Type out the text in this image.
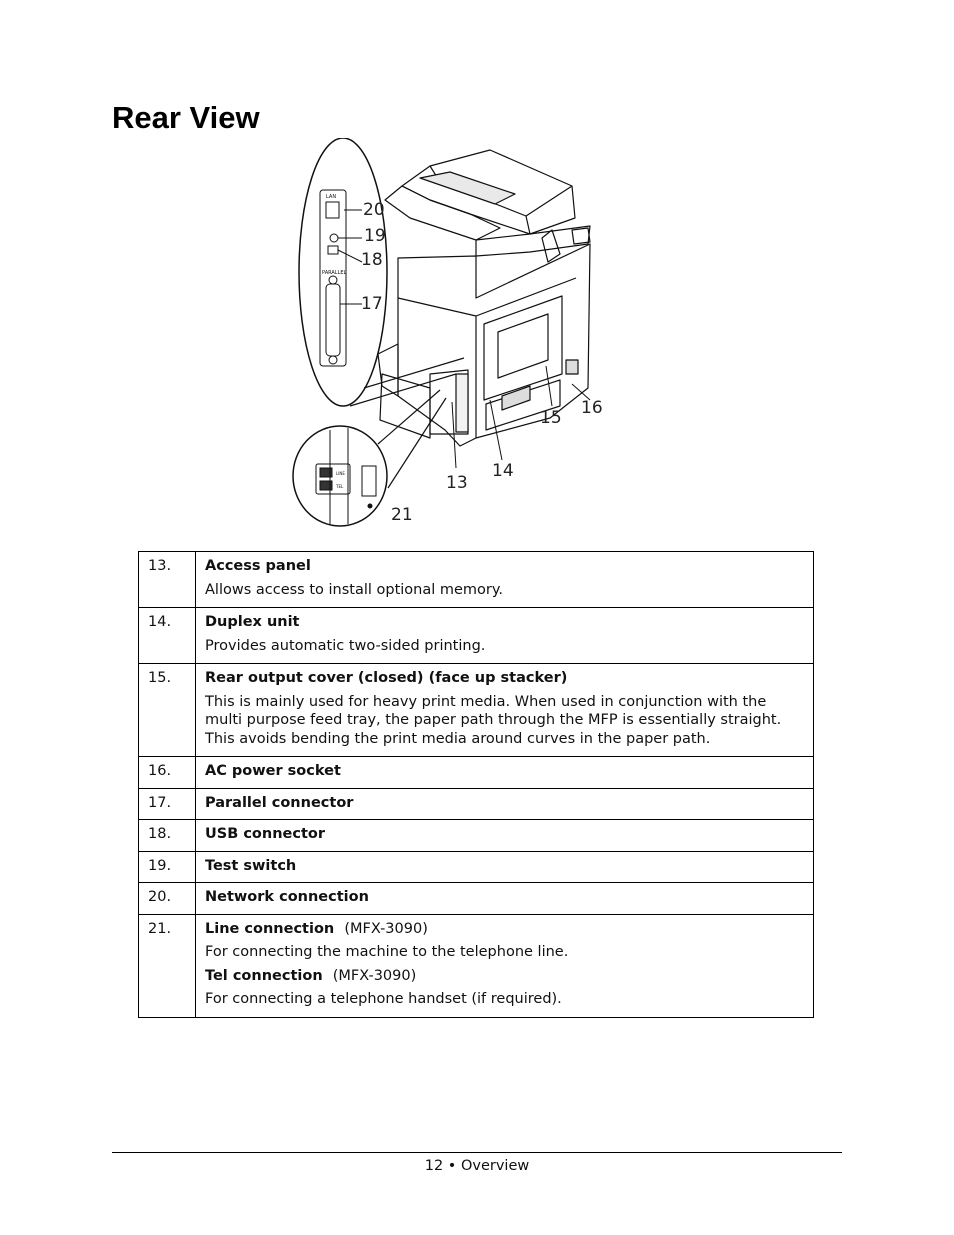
Rear View
LAN
PARALLEL
LINE
TEL
20
19
18
17
16
15
14
13
21
13.	Access panel
Allows access to install optional memory.

14.	Duplex unit
Provides automatic two-sided printing.

15.	Rear output cover (closed) (face up stacker)
This is mainly used for heavy print media. When used in conjunction with the multi purpose feed tray, the paper path through the MFP is essentially straight. This avoids bending the print media around curves in the paper path.

16.	AC power socket

17.	Parallel connector

18.	USB connector

19.	Test switch

20.	Network connection

21.	Line connection (MFX-3090)
For connecting the machine to the telephone line.
Tel connection (MFX-3090)
For connecting a telephone handset (if required).
12 • Overview
